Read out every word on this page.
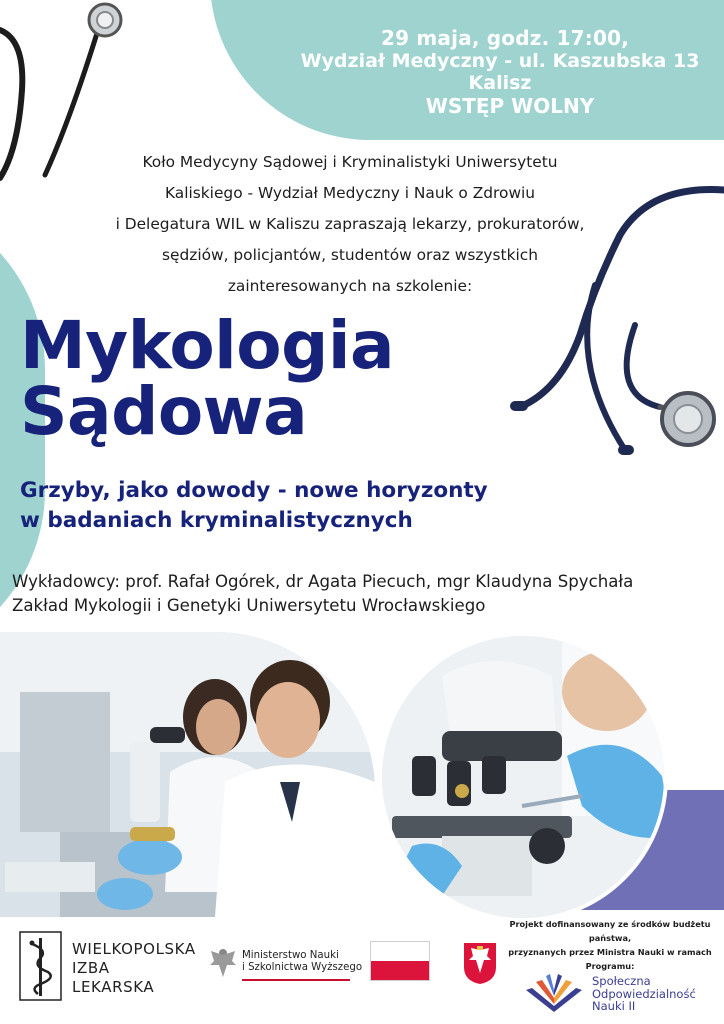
29 maja, godz. 17:00,
Wydział Medyczny - ul. Kaszubska 13 Kalisz
WSTĘP WOLNY
Koło Medycyny Sądowej i Kryminalistyki Uniwersytetu
Kaliskiego - Wydział Medyczny i Nauk o Zdrowiu
i Delegatura WIL w Kaliszu zapraszają lekarzy, prokuratorów,
sędziów, policjantów, studentów oraz wszystkich
zainteresowanych na szkolenie:
Mykologia
Sądowa
Grzyby, jako dowody - nowe horyzonty
w badaniach kryminalistycznych
Wykładowcy: prof. Rafał Ogórek, dr Agata Piecuch, mgr Klaudyna Spychała
Zakład Mykologii i Genetyki Uniwersytetu Wrocławskiego
Projekt dofinansowany ze środków budżetu państwa,
przyznanych przez Ministra Nauki w ramach
Programu:
WIELKOPOLSKA
IZBA
LEKARSKA
Ministerstwo Nauki
i Szkolnictwa Wyższego
Społeczna
Odpowiedzialność
Nauki II
